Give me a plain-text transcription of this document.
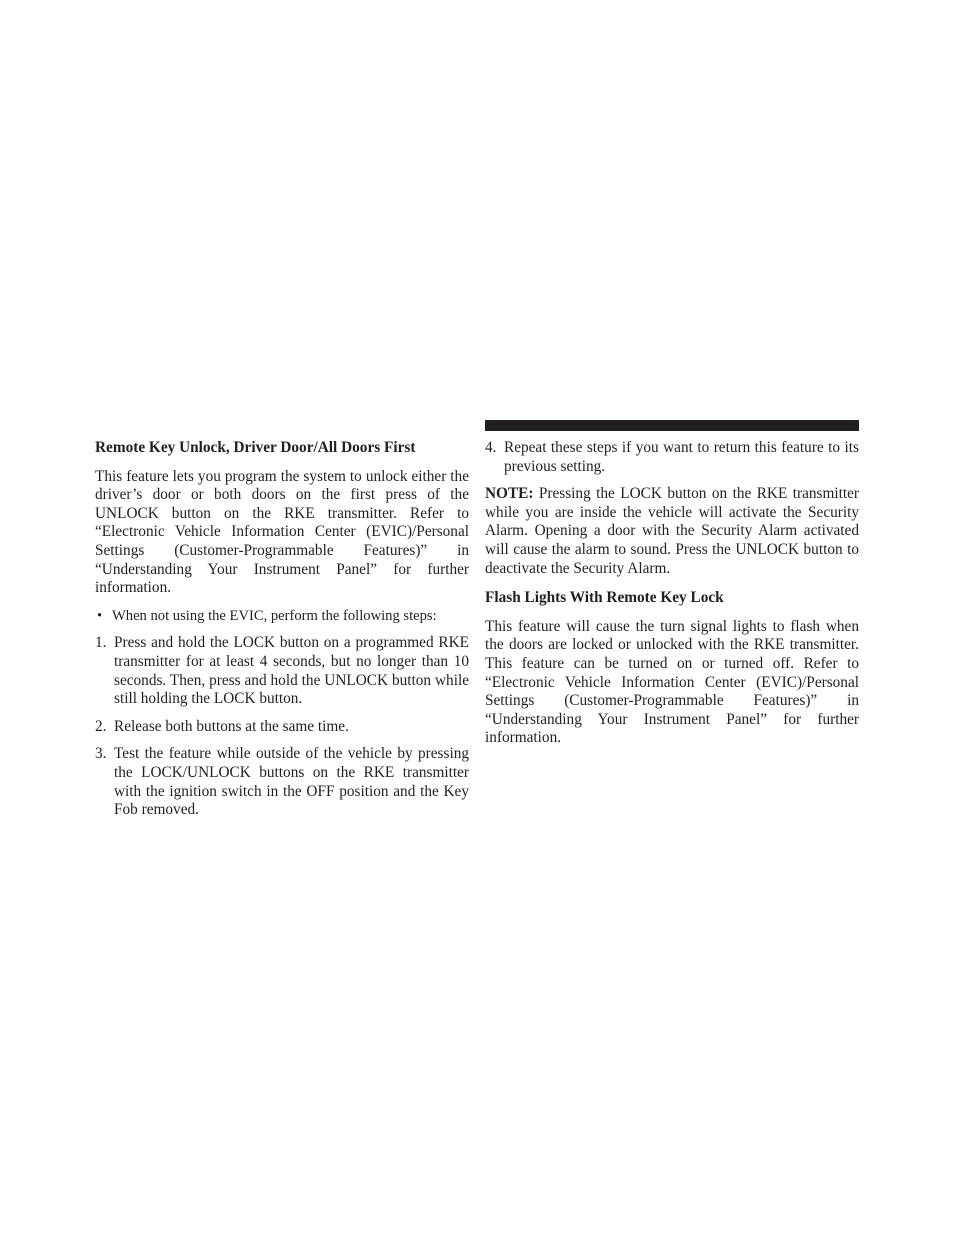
Remote Key Unlock, Driver Door/All Doors First

This feature lets you program the system to unlock either the driver’s door or both doors on the first press of the UNLOCK button on the RKE transmitter. Refer to “Electronic Vehicle Information Center (EVIC)/Personal Settings (Customer-Programmable Features)” in “Understanding Your Instrument Panel” for further information.

• When not using the EVIC, perform the following steps:
1. Press and hold the LOCK button on a programmed RKE transmitter for at least 4 seconds, but no longer than 10 seconds. Then, press and hold the UNLOCK button while still holding the LOCK button.
2. Release both buttons at the same time.
3. Test the feature while outside of the vehicle by pressing the LOCK/UNLOCK buttons on the RKE transmitter with the ignition switch in the OFF position and the Key Fob removed.
4. Repeat these steps if you want to return this feature to its previous setting.

NOTE: Pressing the LOCK button on the RKE transmitter while you are inside the vehicle will activate the Security Alarm. Opening a door with the Security Alarm activated will cause the alarm to sound. Press the UNLOCK button to deactivate the Security Alarm.

Flash Lights With Remote Key Lock

This feature will cause the turn signal lights to flash when the doors are locked or unlocked with the RKE transmitter. This feature can be turned on or turned off. Refer to “Electronic Vehicle Information Center (EVIC)/Personal Settings (Customer-Programmable Features)” in “Understanding Your Instrument Panel” for further information.
